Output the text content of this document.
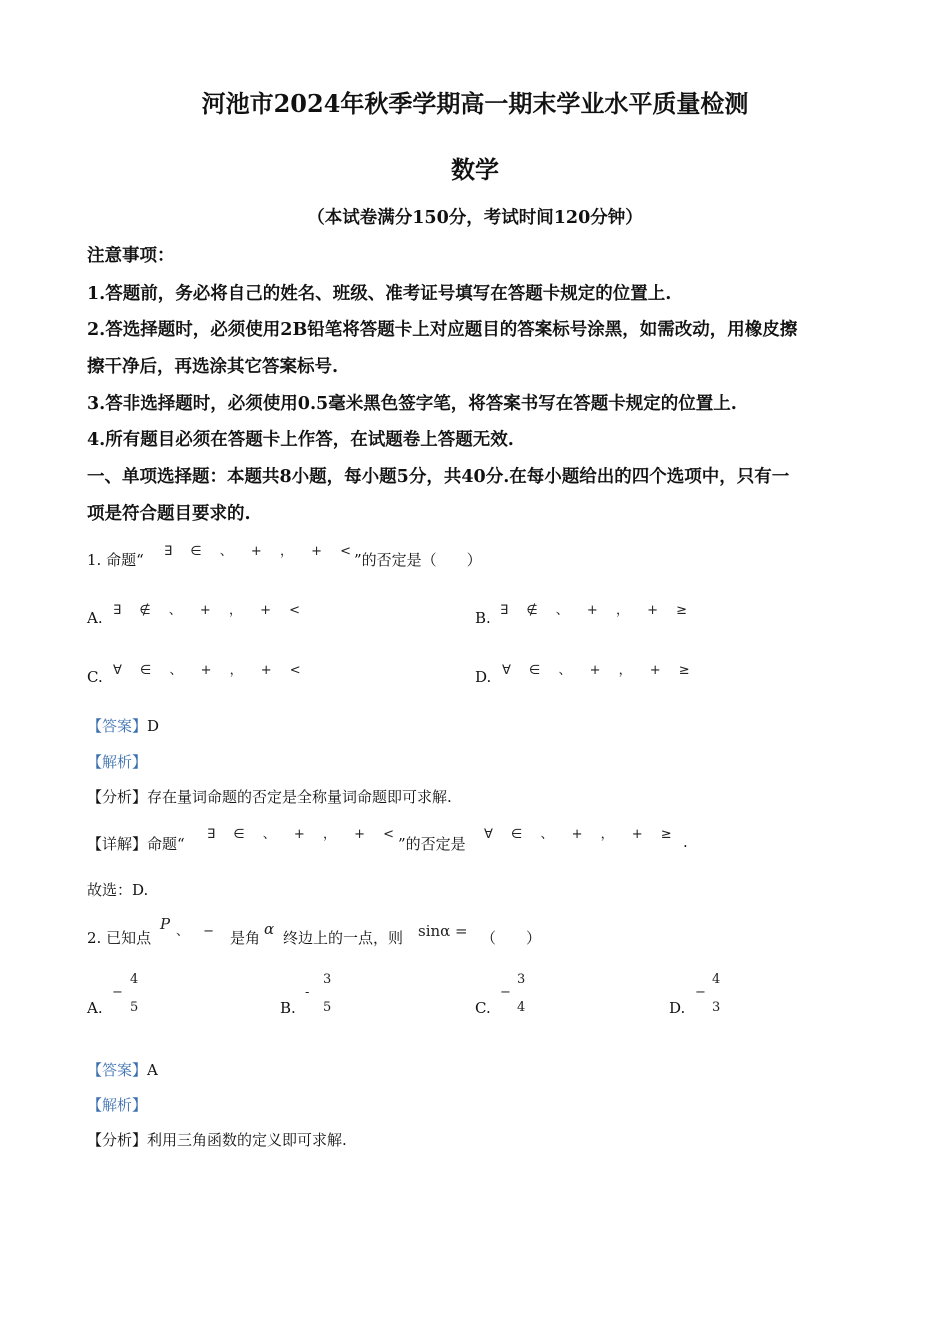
河池市2024年秋季学期高一期末学业水平质量检测
数学
（本试卷满分150分，考试时间120分钟）
注意事项：
1.答题前，务必将自己的姓名、班级、准考证号填写在答题卡规定的位置上.
2.答选择题时，必须使用2B铅笔将答题卡上对应题目的答案标号涂黑，如需改动，用橡皮擦
擦干净后，再选涂其它答案标号.
3.答非选择题时，必须使用0.5毫米黑色签字笔，将答案书写在答题卡规定的位置上.
4.所有题目必须在答题卡上作答，在试题卷上答题无效.
一、单项选择题：本题共8小题，每小题5分，共40分.在每小题给出的四个选项中，只有一
项是符合题目要求的.
1. 命题“ ∃ ∈ 、 + ， + < ”的否定是（　　）
A. ∃ ∉ 、 + ， + <	B. ∃ ∉ 、 + ， + ≥
C. ∀ ∈ 、 + ， + <	D. ∀ ∈ 、 + ， + ≥
【答案】D
【解析】
【分析】存在量词命题的否定是全称量词命题即可求解.
【详解】命题“
∃ ∈ 、 + ， + <
”的否定是
∀ ∈ 、 + ， + ≥ .
故选：D.
2. 已知点
P 、 − 是角 α 终边上的一点，则 sinα = （　　）
A.
−
4
5	B.
-
3
5	C.
−
3
4	D.
−
4
3
【答案】A
【解析】
【分析】利用三角函数的定义即可求解.
